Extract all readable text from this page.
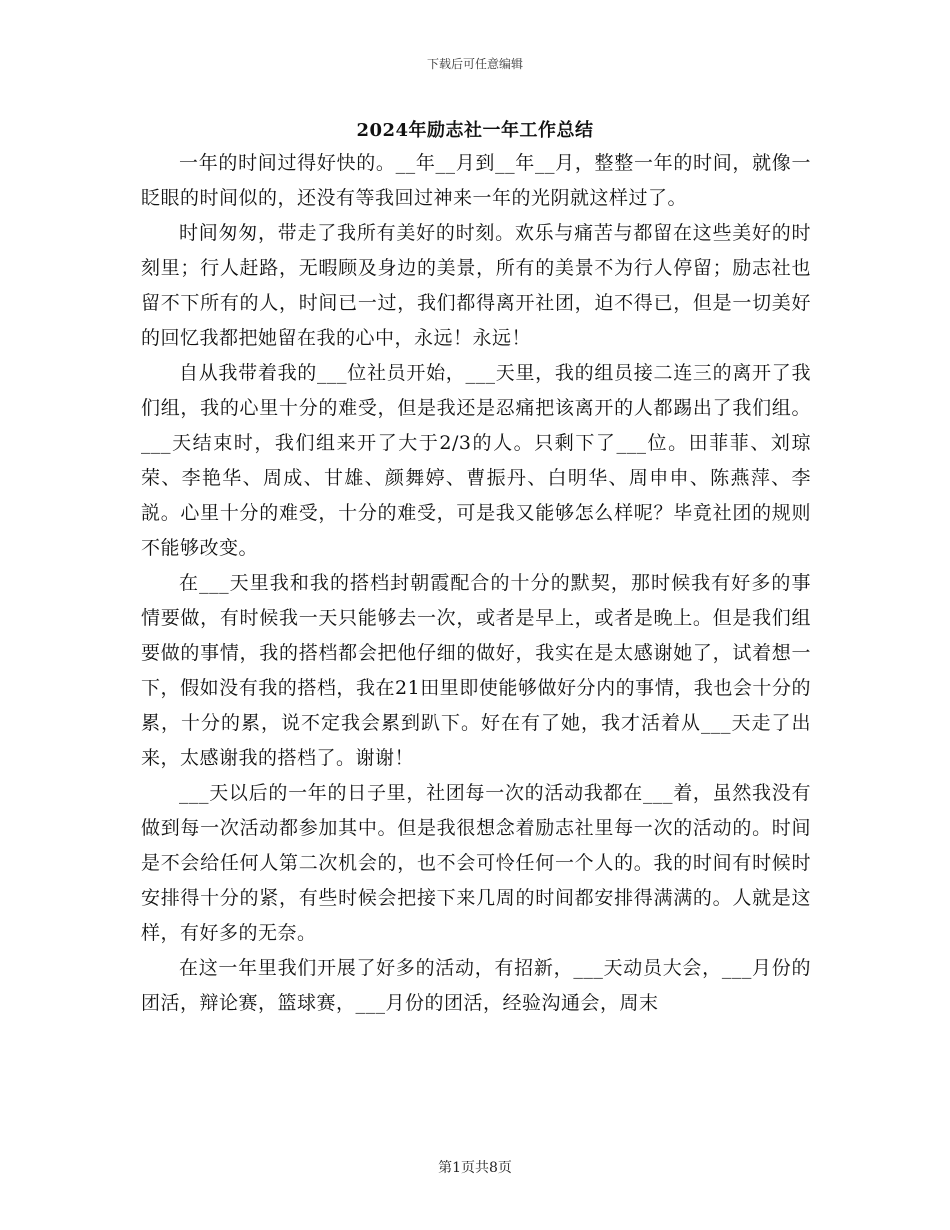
下载后可任意编辑
2024年励志社一年工作总结

一年的时间过得好快的。__年__月到__年__月，整整一年的时间，就像一眨眼的时间似的，还没有等我回过神来一年的光阴就这样过了。

时间匆匆，带走了我所有美好的时刻。欢乐与痛苦与都留在这些美好的时刻里；行人赶路，无暇顾及身边的美景，所有的美景不为行人停留；励志社也留不下所有的人，时间已一过，我们都得离开社团，迫不得已，但是一切美好的回忆我都把她留在我的心中，永远！永远！

自从我带着我的___位社员开始，___天里，我的组员接二连三的离开了我们组，我的心里十分的难受，但是我还是忍痛把该离开的人都踢出了我们组。___天结束时，我们组来开了大于2/3的人。只剩下了___位。田菲菲、刘琼荣、李艳华、周成、甘雄、颜舞婷、曹振丹、白明华、周申申、陈燕萍、李説。心里十分的难受，十分的难受，可是我又能够怎么样呢？毕竟社团的规则不能够改变。

在___天里我和我的搭档封朝霞配合的十分的默契，那时候我有好多的事情要做，有时候我一天只能够去一次，或者是早上，或者是晚上。但是我们组要做的事情，我的搭档都会把他仔细的做好，我实在是太感谢她了，试着想一下，假如没有我的搭档，我在21田里即使能够做好分内的事情，我也会十分的累，十分的累，说不定我会累到趴下。好在有了她，我才活着从___天走了出来，太感谢我的搭档了。谢谢！

___天以后的一年的日子里，社团每一次的活动我都在___着，虽然我没有做到每一次活动都参加其中。但是我很想念着励志社里每一次的活动的。时间是不会给任何人第二次机会的，也不会可怜任何一个人的。我的时间有时候时安排得十分的紧，有些时候会把接下来几周的时间都安排得满满的。人就是这样，有好多的无奈。

在这一年里我们开展了好多的活动，有招新，___天动员大会，___月份的团活，辩论赛，篮球赛，___月份的团活，经验沟通会，周末

第1页共8页
